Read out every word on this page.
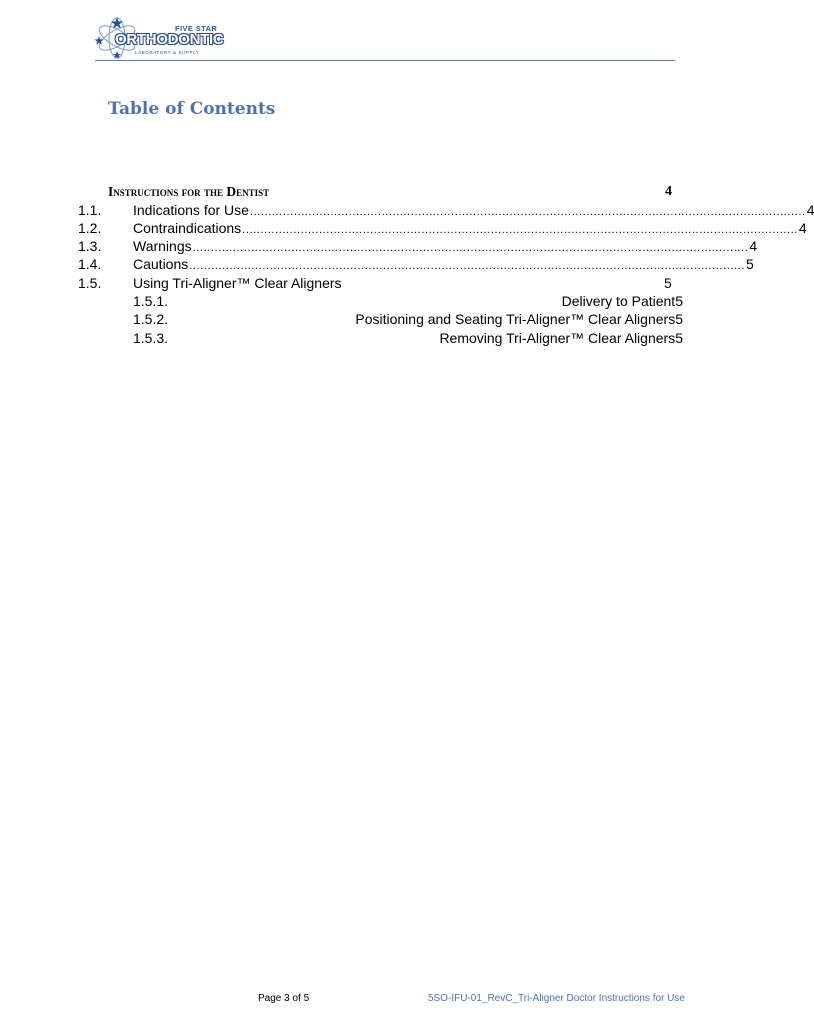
FIVE STAR
ORTHODONTIC
LABORATORY & SUPPLY
Table of Contents
Instructions for the Dentist	4
1.1. Indications for Use ........................................................................................................................................................ 4
1.2. Contraindications ........................................................................................................................................................ 4
1.3. Warnings ........................................................................................................................................................ 4
1.4. Cautions ........................................................................................................................................................ 5
1.5. Using Tri-Aligner™ Clear Aligners	5
1.5.1.	Delivery to Patient5
1.5.2.	Positioning and Seating Tri-Aligner™ Clear Aligners5
1.5.3.	Removing Tri-Aligner™ Clear Aligners5
Page 3 of 5	5SO-IFU-01_RevC_Tri-Aligner Doctor Instructions for Use
